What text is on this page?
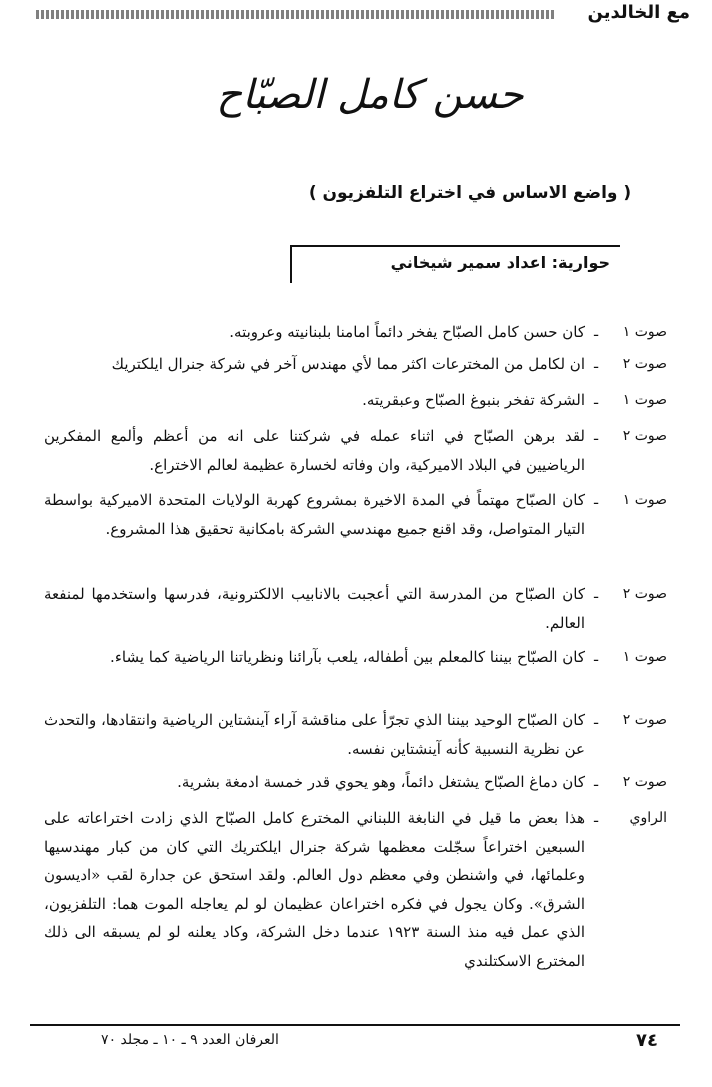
مع الخالدين
حسن كامل الصبّاح
( واضع الاساس في اختراع التلفزيون )
حوارية: اعداد سمير شيخاني
صوت ١
ـ
كان حسن كامل الصبّاح يفخر دائماً امامنا بلبنانيته وعروبته.
صوت ٢
ـ
ان لكامل من المخترعات اكثر مما لأي مهندس آخر في شركة جنرال ايلكتريك
صوت ١
ـ
الشركة تفخر بنبوغ الصبّاح وعبقريته.
صوت ٢
ـ
لقد برهن الصبّاح في اثناء عمله في شركتنا على انه من أعظم وألمع المفكرين الرياضيين في البلاد الاميركية، وان وفاته لخسارة عظيمة لعالم الاختراع.
صوت ١
ـ
كان الصبّاح مهتماً في المدة الاخيرة بمشروع كهربة الولايات المتحدة الاميركية بواسطة التيار المتواصل، وقد اقنع جميع مهندسي الشركة بامكانية تحقيق هذا المشروع.
صوت ٢
ـ
كان الصبّاح من المدرسة التي أعجبت بالانابيب الالكترونية، فدرسها واستخدمها لمنفعة العالم.
صوت ١
ـ
كان الصبّاح بيننا كالمعلم بين أطفاله، يلعب بآرائنا ونظرياتنا الرياضية كما يشاء.
صوت ٢
ـ
كان الصبّاح الوحيد بيننا الذي تجرّأ على مناقشة آراء آينشتاين الرياضية وانتقادها، والتحدث عن نظرية النسبية كأنه آينشتاين نفسه.
صوت ٢
ـ
كان دماغ الصبّاح يشتغل دائماً، وهو يحوي قدر خمسة ادمغة بشرية.
الراوي
ـ
هذا بعض ما قيل في النابغة اللبناني المخترع كامل الصبّاح الذي زادت اختراعاته على السبعين اختراعاً سجّلت معظمها شركة جنرال ايلكتريك التي كان من كبار مهندسيها وعلمائها، في واشنطن وفي معظم دول العالم. ولقد استحق عن جدارة لقب «اديسون الشرق». وكان يجول في فكره اختراعان عظيمان لو لم يعاجله الموت هما: التلفزيون، الذي عمل فيه منذ السنة ١٩٢٣ عندما دخل الشركة، وكاد يعلنه لو لم يسبقه الى ذلك المخترع الاسكتلندي
٧٤
العرفان العدد ٩ ـ ١٠ ـ مجلد ٧٠
